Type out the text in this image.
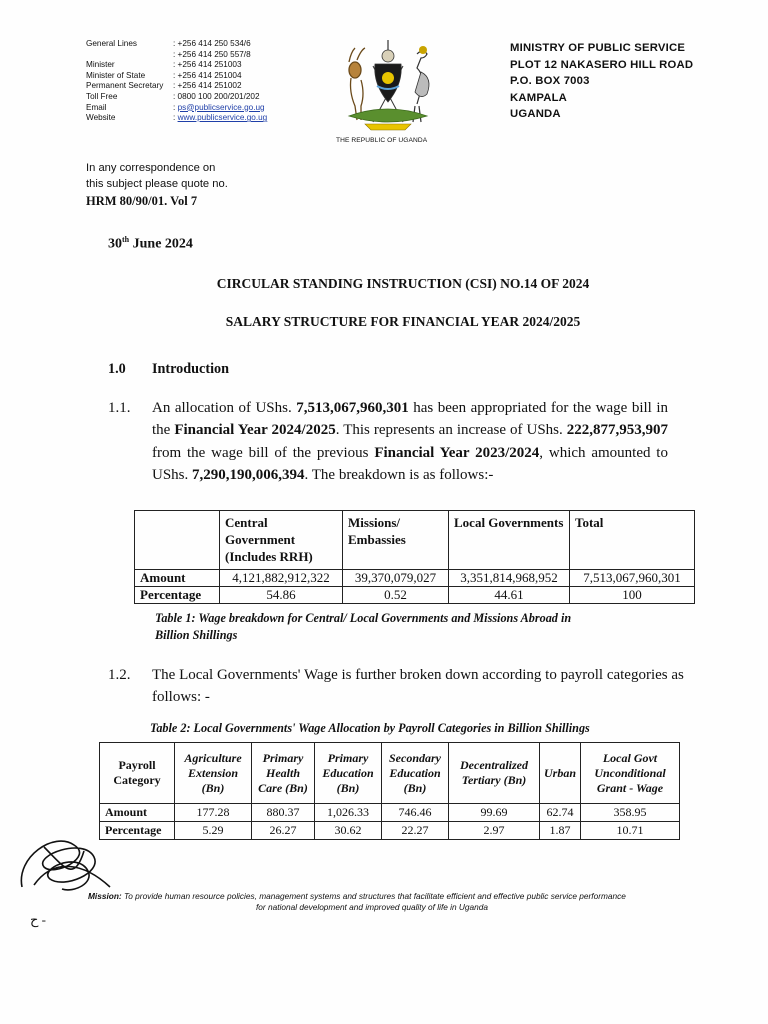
General Lines	: +256 414 250 534/6
: +256 414 250 557/8
Minister	: +256 414 251003
Minister of State	: +256 414 251004
Permanent Secretary	: +256 414 251002
Toll Free	: 0800 100 200/201/202
Email	: ps@publicservice.go.ug
Website	: www.publicservice.go.ug
THE REPUBLIC OF UGANDA
MINISTRY OF PUBLIC SERVICE
PLOT 12 NAKASERO HILL ROAD
P.O. BOX 7003
KAMPALA
UGANDA
In any correspondence on
this subject please quote no.
HRM 80/90/01. Vol 7
30th June 2024
CIRCULAR STANDING INSTRUCTION (CSI) NO.14 OF 2024
SALARY STRUCTURE FOR FINANCIAL YEAR 2024/2025
1.0 Introduction
1.1. An allocation of UShs. 7,513,067,960,301 has been appropriated for the wage bill in the Financial Year 2024/2025. This represents an increase of UShs. 222,877,953,907 from the wage bill of the previous Financial Year 2023/2024, which amounted to UShs. 7,290,190,006,394. The breakdown is as follows:-
	Central Government (Includes RRH)	Missions/ Embassies	Local Governments	Total
Amount	4,121,882,912,322	39,370,079,027	3,351,814,968,952	7,513,067,960,301
Percentage	54.86	0.52	44.61	100
Table 1: Wage breakdown for Central/ Local Governments and Missions Abroad in
Billion Shillings
1.2. The Local Governments' Wage is further broken down according to payroll categories as follows: -
Table 2: Local Governments' Wage Allocation by Payroll Categories in Billion Shillings
Payroll Category	Agriculture Extension (Bn)	Primary Health Care (Bn)	Primary Education (Bn)	Secondary Education (Bn)	Decentralized Tertiary (Bn)	Urban	Local Govt Unconditional Grant - Wage
Amount	177.28	880.37	1,026.33	746.46	99.69	62.74	358.95
Percentage	5.29	26.27	30.62	22.27	2.97	1.87	10.71
Mission: To provide human resource policies, management systems and structures that facilitate efficient and effective public service performance
for national development and improved quality of life in Uganda
ح -
